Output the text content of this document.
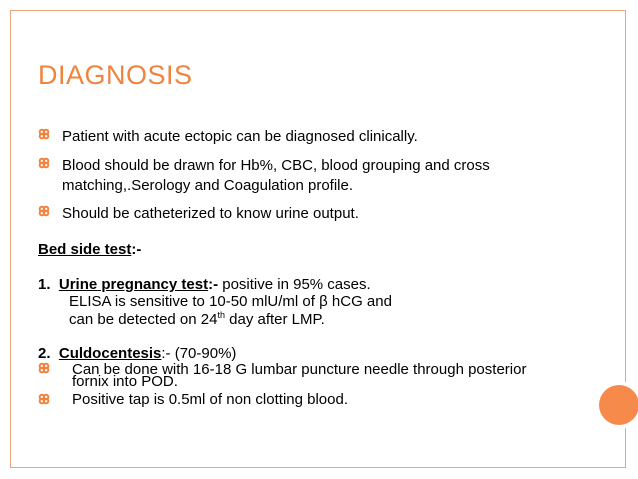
DIAGNOSIS
Patient with acute ectopic can be diagnosed clinically.
Blood should be drawn for Hb%, CBC, blood grouping and cross
matching,.Serology and Coagulation profile.
Should be catheterized to know urine output.
Bed side test:-
1. Urine pregnancy test:- positive in 95% cases.
ELISA is sensitive to 10-50 mlU/ml of β hCG and
can be detected on 24th day after LMP.
2. Culdocentesis:- (70-90%)
Can be done with 16-18 G lumbar puncture needle through posterior
fornix into POD.
Positive tap is 0.5ml of non clotting blood.
